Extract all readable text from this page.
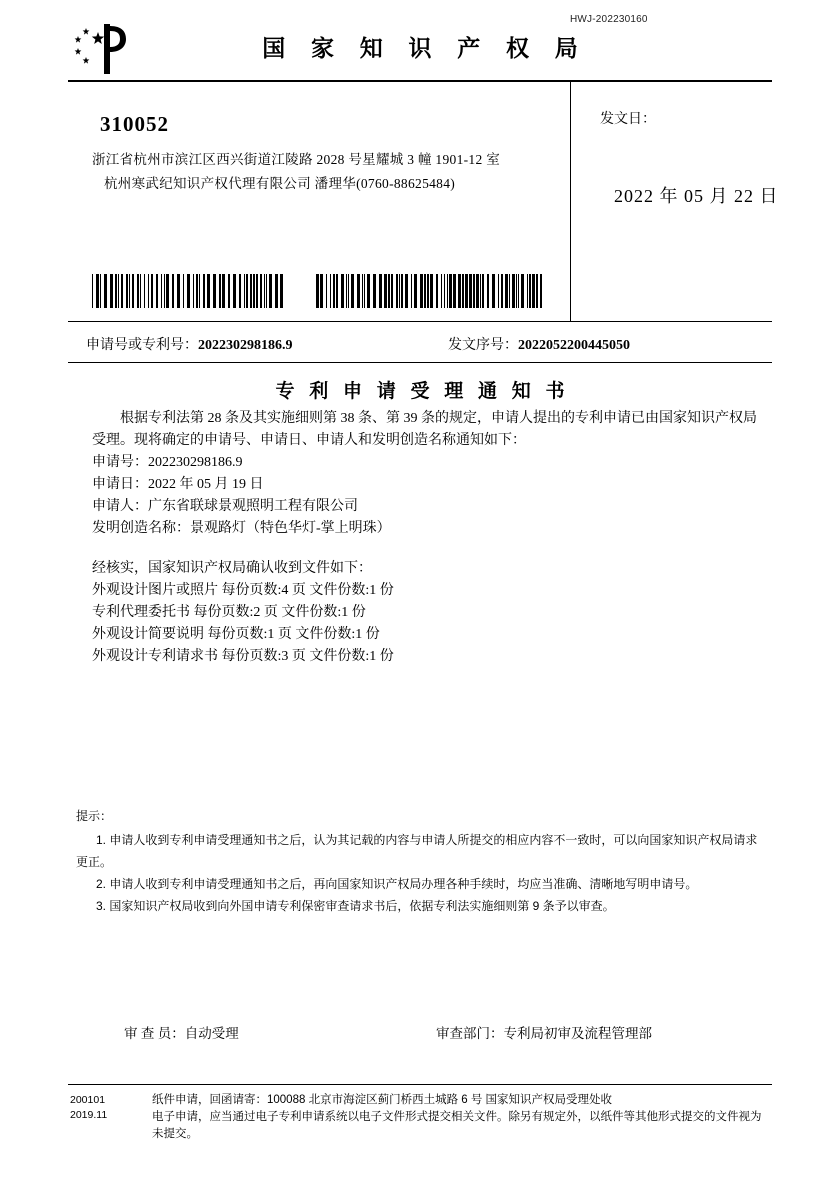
HWJ-202230160
国 家 知 识 产 权 局
310052
浙江省杭州市滨江区西兴街道江陵路 2028 号星耀城 3 幢 1901-12 室
杭州寒武纪知识产权代理有限公司 潘理华(0760-88625484)
发文日：
2022 年 05 月 22 日
申请号或专利号：202230298186.9	发文序号：2022052200445050
专 利 申 请 受 理 通 知 书

根据专利法第 28 条及其实施细则第 38 条、第 39 条的规定，申请人提出的专利申请已由国家知识产权局受理。现将确定的申请号、申请日、申请人和发明创造名称通知如下：

申请号：202230298186.9

申请日：2022 年 05 月 19 日

申请人：广东省联球景观照明工程有限公司

发明创造名称：景观路灯（特色华灯-掌上明珠）

经核实，国家知识产权局确认收到文件如下：

外观设计图片或照片 每份页数:4 页 文件份数:1 份

专利代理委托书 每份页数:2 页 文件份数:1 份

外观设计简要说明 每份页数:1 页 文件份数:1 份

外观设计专利请求书 每份页数:3 页 文件份数:1 份

提示：
1. 申请人收到专利申请受理通知书之后，认为其记载的内容与申请人所提交的相应内容不一致时，可以向国家知识产权局请求更正。
2. 申请人收到专利申请受理通知书之后，再向国家知识产权局办理各种手续时，均应当准确、清晰地写明申请号。
3. 国家知识产权局收到向外国申请专利保密审查请求书后，依据专利法实施细则第 9 条予以审查。
审 查 员：自动受理	审查部门：专利局初审及流程管理部
200101
2019.11
纸件申请，回函请寄：100088 北京市海淀区蓟门桥西土城路 6 号 国家知识产权局受理处收
电子申请，应当通过电子专利申请系统以电子文件形式提交相关文件。除另有规定外，以纸件等其他形式提交的文件视为未提交。
